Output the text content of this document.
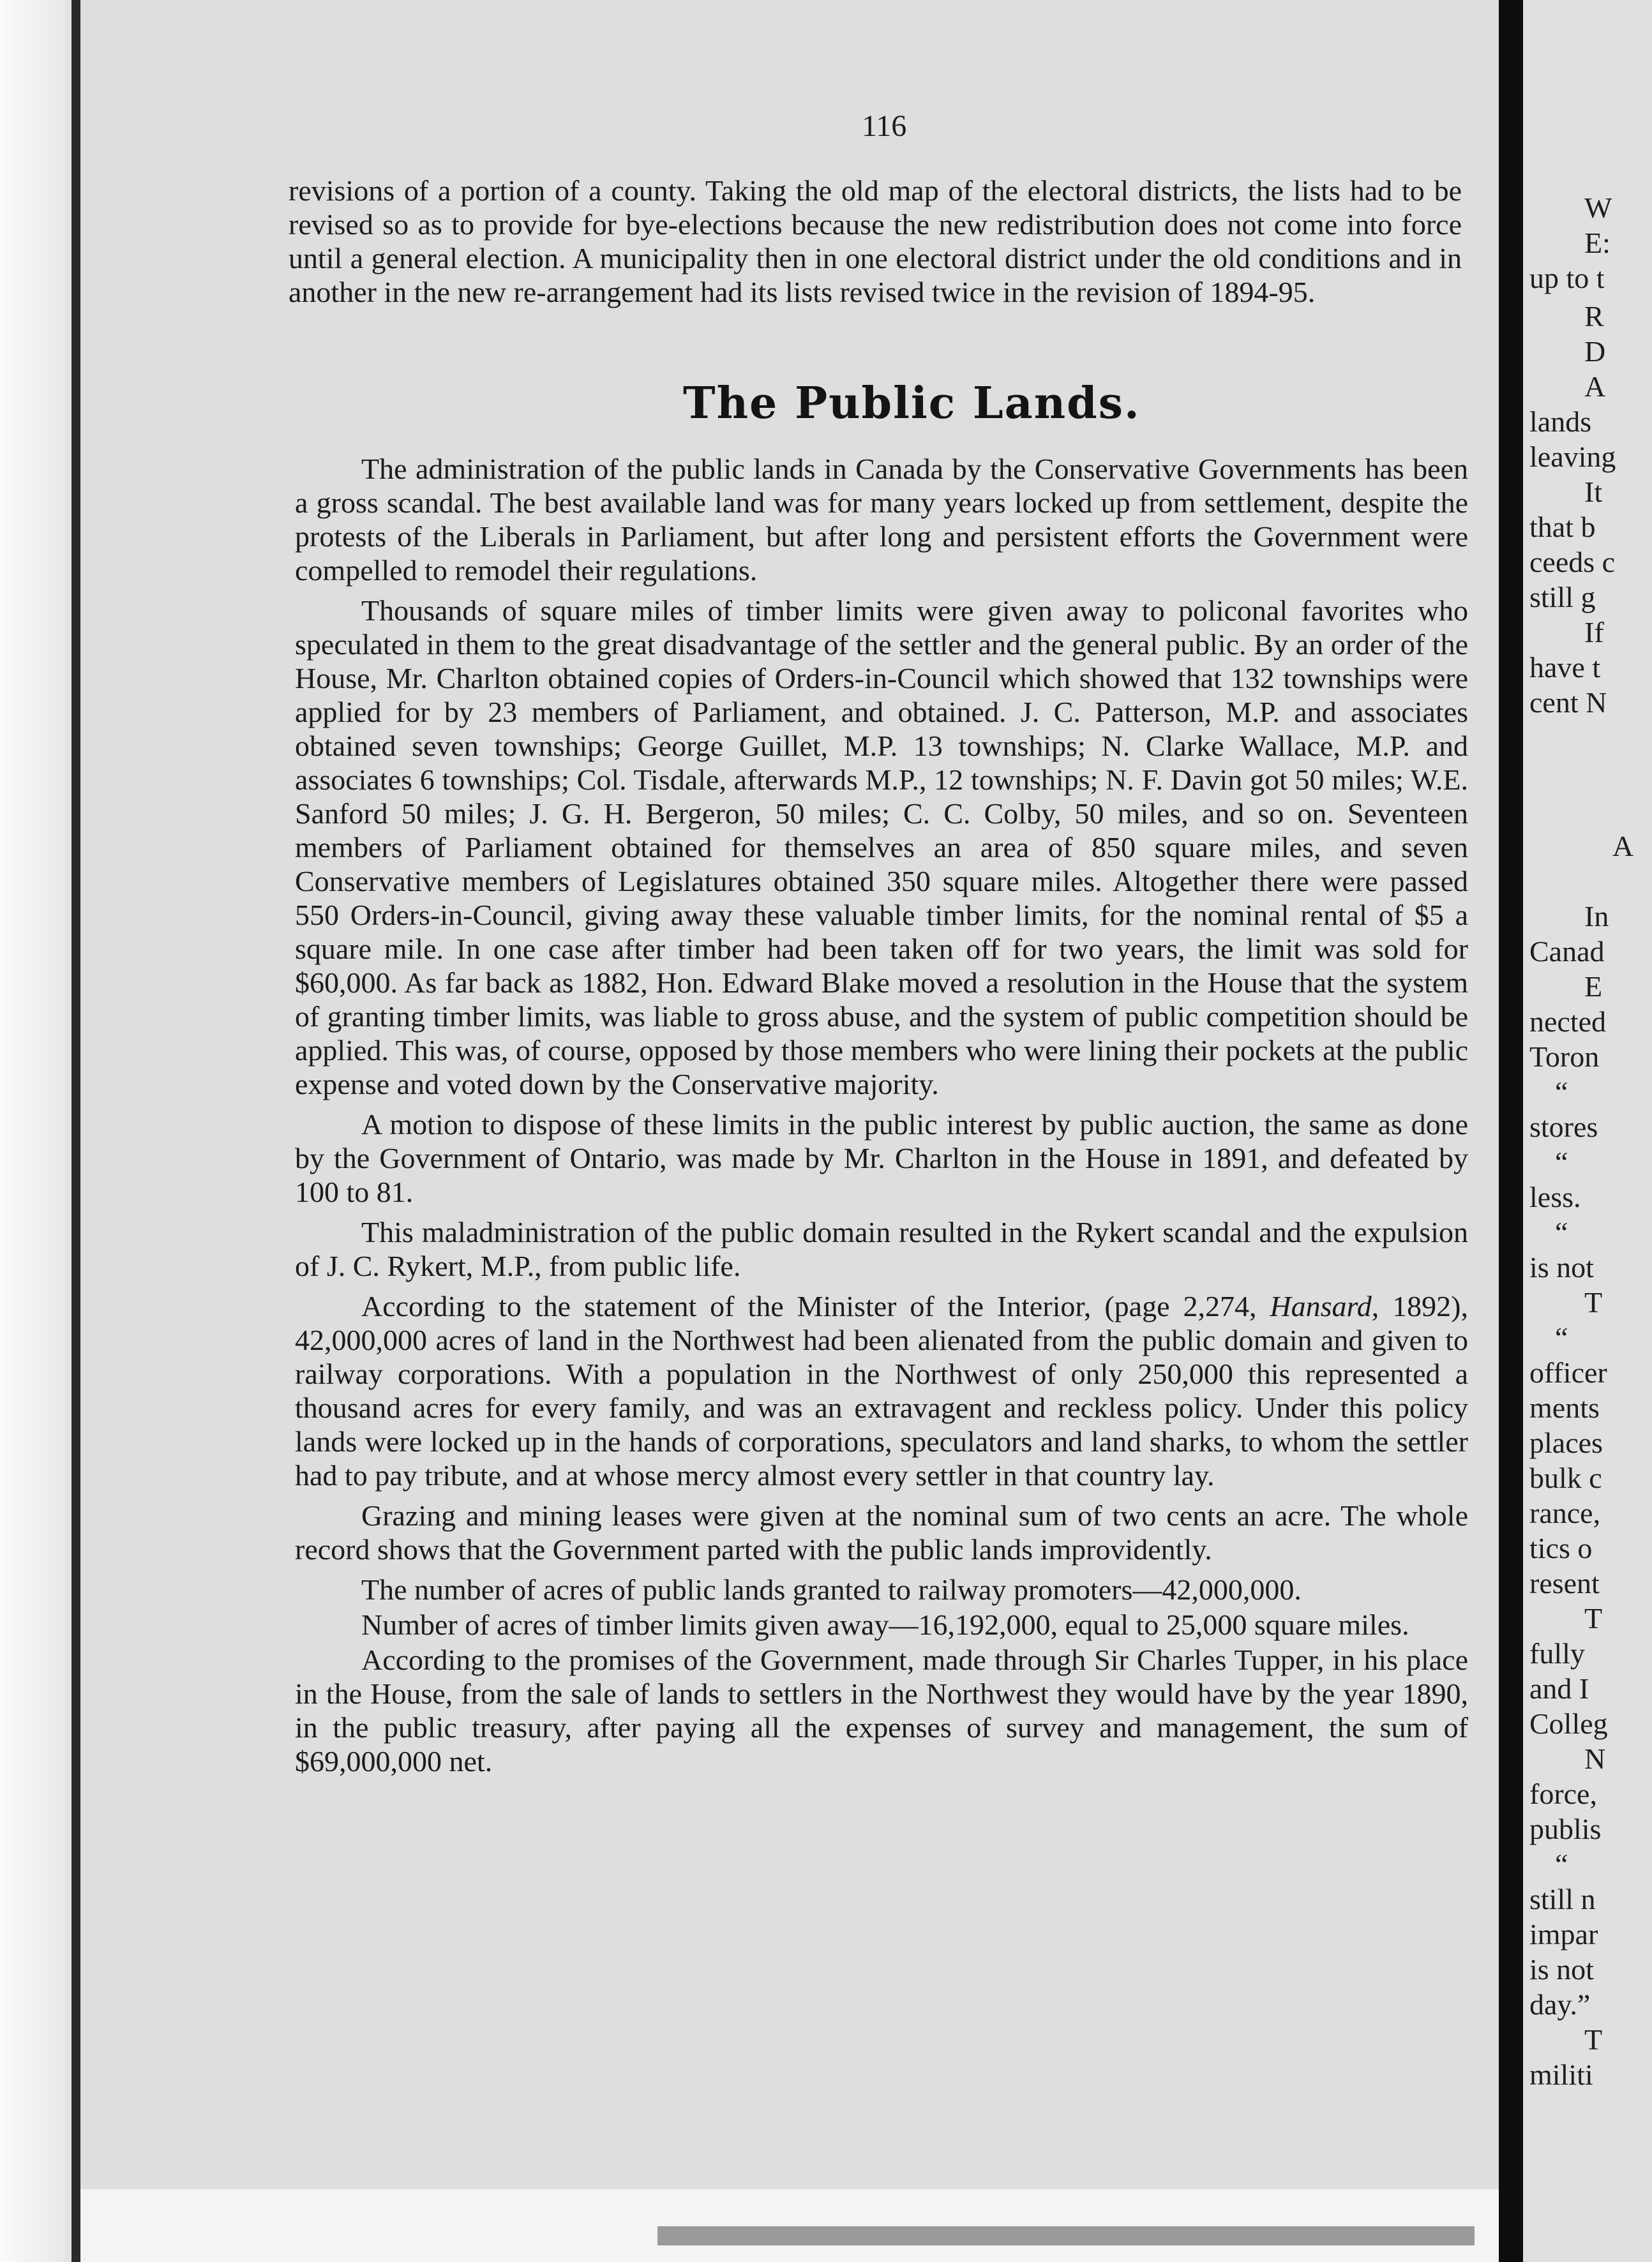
116

revisions of a portion of a county. Taking the old map of the electoral districts, the lists had to be revised so as to provide for bye-elections because the new redistribution does not come into force until a general election. A municipality then in one electoral district under the old conditions and in another in the new re-arrangement had its lists revised twice in the revision of 1894-95.

The Public Lands.

The administration of the public lands in Canada by the Conservative Governments has been a gross scandal. The best available land was for many years locked up from settlement, despite the protests of the Liberals in Parliament, but after long and persistent efforts the Government were compelled to remodel their regulations.

Thousands of square miles of timber limits were given away to policonal favorites who speculated in them to the great disadvantage of the settler and the general public. By an order of the House, Mr. Charlton obtained copies of Orders-in-Council which showed that 132 townships were applied for by 23 members of Parliament, and obtained. J. C. Patterson, M.P. and associates obtained seven townships; George Guillet, M.P. 13 townships; N. Clarke Wallace, M.P. and associates 6 townships; Col. Tisdale, afterwards M.P., 12 townships; N. F. Davin got 50 miles; W.E. Sanford 50 miles; J. G. H. Bergeron, 50 miles; C. C. Colby, 50 miles, and so on. Seventeen members of Parliament obtained for themselves an area of 850 square miles, and seven Conservative members of Legislatures obtained 350 square miles. Altogether there were passed 550 Orders-in-Council, giving away these valuable timber limits, for the nominal rental of $5 a square mile. In one case after timber had been taken off for two years, the limit was sold for $60,000. As far back as 1882, Hon. Edward Blake moved a resolution in the House that the system of granting timber limits, was liable to gross abuse, and the system of public competition should be applied. This was, of course, opposed by those members who were lining their pockets at the public expense and voted down by the Conservative majority.

A motion to dispose of these limits in the public interest by public auction, the same as done by the Government of Ontario, was made by Mr. Charlton in the House in 1891, and defeated by 100 to 81.

This maladministration of the public domain resulted in the Rykert scandal and the expulsion of J. C. Rykert, M.P., from public life.

According to the statement of the Minister of the Interior, (page 2,274, Hansard, 1892), 42,000,000 acres of land in the Northwest had been alienated from the public domain and given to railway corporations. With a population in the Northwest of only 250,000 this represented a thousand acres for every family, and was an extravagent and reckless policy. Under this policy lands were locked up in the hands of corporations, speculators and land sharks, to whom the settler had to pay tribute, and at whose mercy almost every settler in that country lay.

Grazing and mining leases were given at the nominal sum of two cents an acre. The whole record shows that the Government parted with the public lands improvidently.

The number of acres of public lands granted to railway promoters—42,000,000.

Number of acres of timber limits given away—16,192,000, equal to 25,000 square miles.

According to the promises of the Government, made through Sir Charles Tupper, in his place in the House, from the sale of lands to settlers in the Northwest they would have by the year 1890, in the public treasury, after paying all the expenses of survey and management, the sum of $69,000,000 net.

W
E:
up to t
R
D
A
lands
leaving
It
that b
ceeds c
still g
If
have t
cent N
A
In
Canad
E
nected
Toron
“
stores
“
less.
“
is not
T
“
officer
ments
places
bulk c
rance,
tics o
resent
T
fully
and I
Colleg
N
force,
publis
“
still n
impar
is not
day.”
T
militi
